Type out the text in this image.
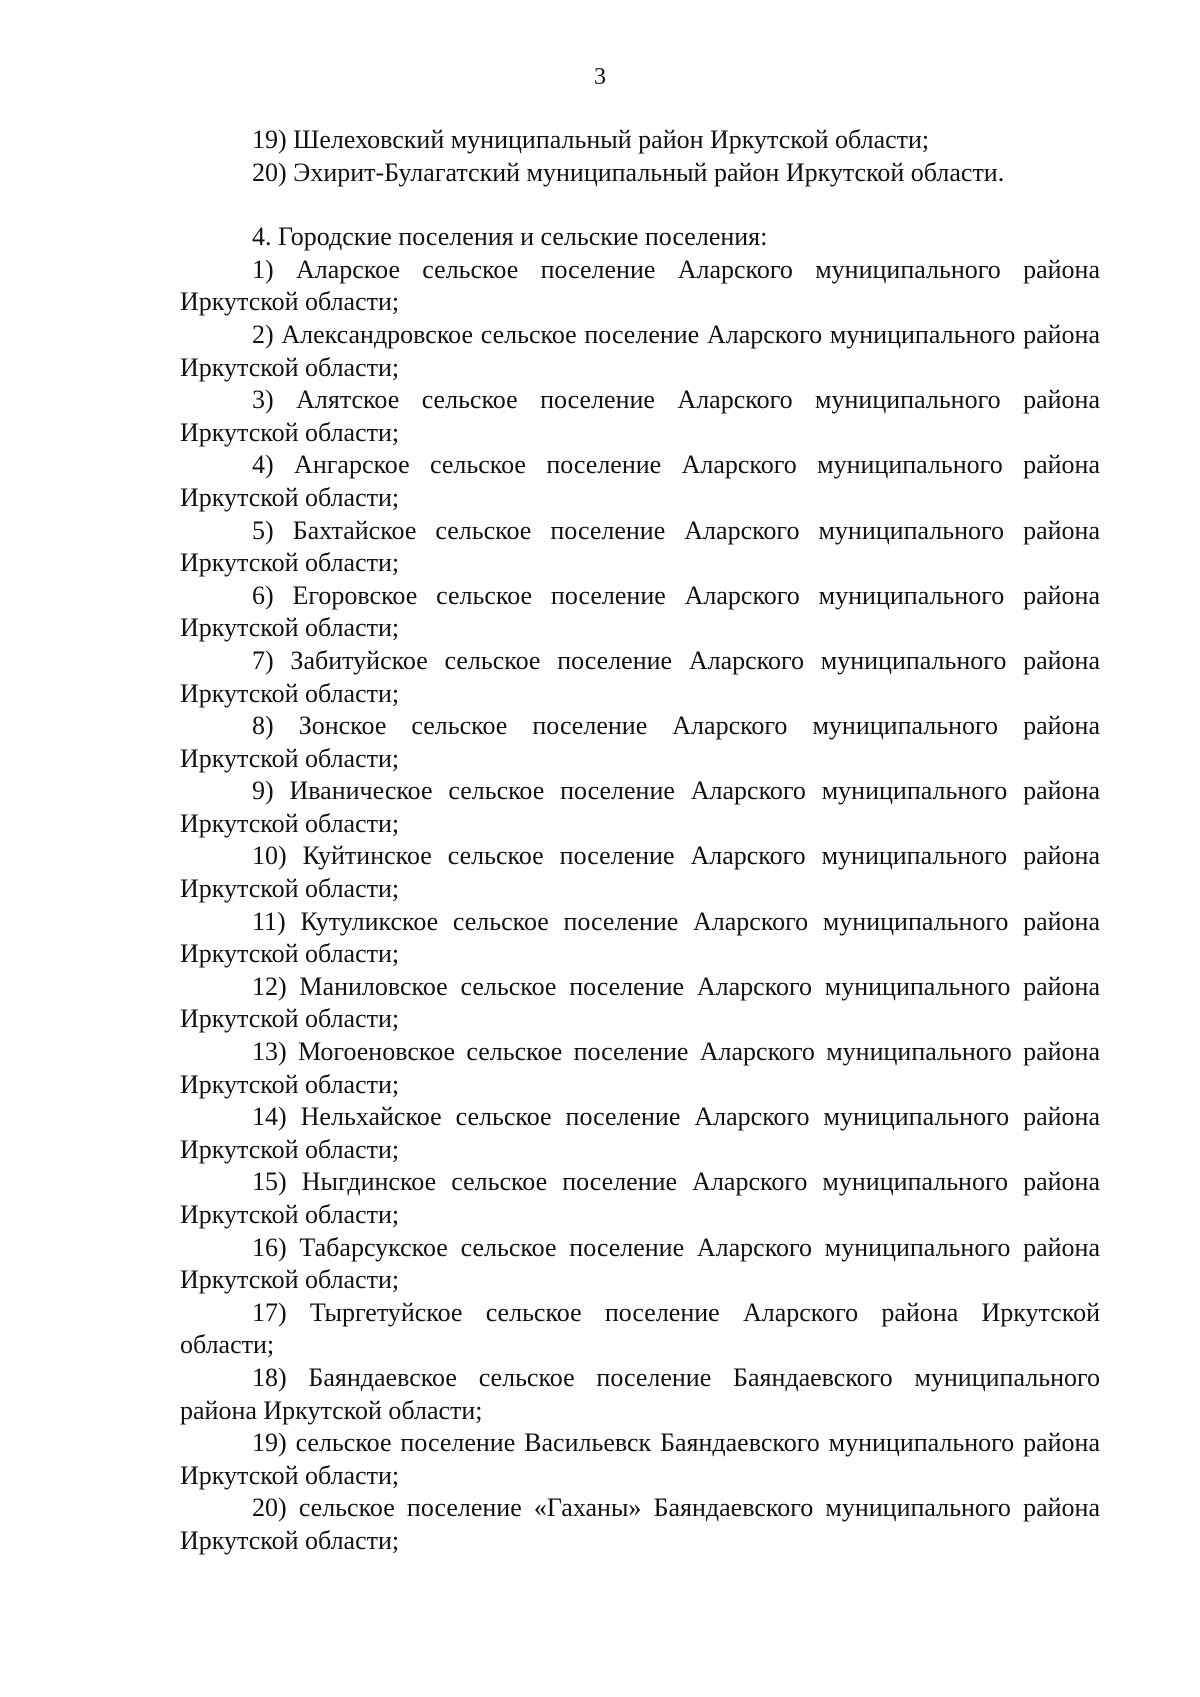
3

19) Шелеховский муниципальный район Иркутской области;

20) Эхирит-Булагатский муниципальный район Иркутской области.

4. Городские поселения и сельские поселения:

1) Аларское сельское поселение Аларского муниципального района Иркутской области;

2) Александровское сельское поселение Аларского муниципального района Иркутской области;

3) Алятское сельское поселение Аларского муниципального района Иркутской области;

4) Ангарское сельское поселение Аларского муниципального района Иркутской области;

5) Бахтайское сельское поселение Аларского муниципального района Иркутской области;

6) Егоровское сельское поселение Аларского муниципального района Иркутской области;

7) Забитуйское сельское поселение Аларского муниципального района Иркутской области;

8) Зонское сельское поселение Аларского муниципального района Иркутской области;

9) Иваническое сельское поселение Аларского муниципального района Иркутской области;

10) Куйтинское сельское поселение Аларского муниципального района Иркутской области;

11) Кутуликское сельское поселение Аларского муниципального района Иркутской области;

12) Маниловское сельское поселение Аларского муниципального района Иркутской области;

13) Могоеновское сельское поселение Аларского муниципального района Иркутской области;

14) Нельхайское сельское поселение Аларского муниципального района Иркутской области;

15) Ныгдинское сельское поселение Аларского муниципального района Иркутской области;

16) Табарсукское сельское поселение Аларского муниципального района Иркутской области;

17) Тыргетуйское сельское поселение Аларского района Иркутской области;

18) Баяндаевское сельское поселение Баяндаевского муниципального района Иркутской области;

19) сельское поселение Васильевск Баяндаевского муниципального района Иркутской области;

20) сельское поселение «Гаханы» Баяндаевского муниципального района Иркутской области;
